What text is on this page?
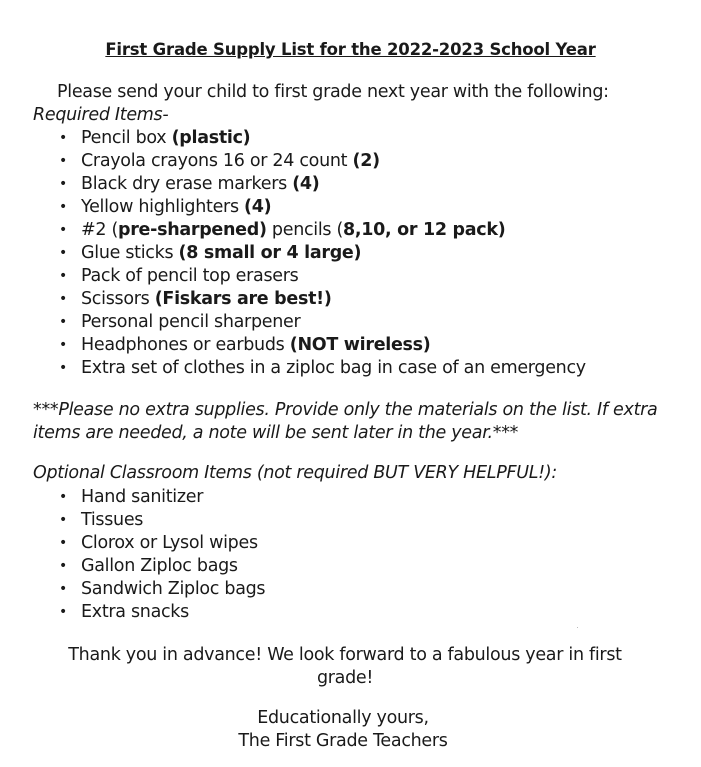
First Grade Supply List for the 2022-2023 School Year
Please send your child to first grade next year with the following:
Required Items-
• Pencil box (plastic)
• Crayola crayons 16 or 24 count (2)
• Black dry erase markers (4)
• Yellow highlighters (4)
• #2 (pre-sharpened) pencils (8,10, or 12 pack)
• Glue sticks (8 small or 4 large)
• Pack of pencil top erasers
• Scissors (Fiskars are best!)
• Personal pencil sharpener
• Headphones or earbuds (NOT wireless)
• Extra set of clothes in a ziploc bag in case of an emergency
***Please no extra supplies. Provide only the materials on the list. If extra items are needed, a note will be sent later in the year.***
Optional Classroom Items (not required BUT VERY HELPFUL!):
• Hand sanitizer
• Tissues
• Clorox or Lysol wipes
• Gallon Ziploc bags
• Sandwich Ziploc bags
• Extra snacks
Thank you in advance! We look forward to a fabulous year in first grade!
Educationally yours,
The First Grade Teachers
